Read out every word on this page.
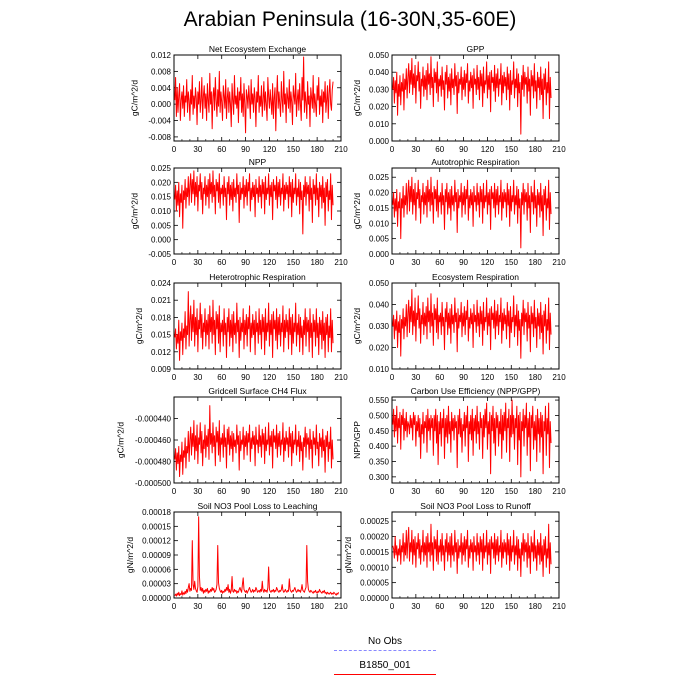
Arabian Peninsula (16-30N,35-60E)
Net Ecosystem Exchange
0 30 60 90 120 150 180 210
-0.008
-0.004
0.000
0.004
0.008
0.012
gC/m^2/d
GPP
0 30 60 90 120 150 180 210
0.000
0.010
0.020
0.030
0.040
0.050
gC/m^2/d
NPP
0 30 60 90 120 150 180 210
-0.005
0.000
0.005
0.010
0.015
0.020
0.025
gC/m^2/d
Autotrophic Respiration
0 30 60 90 120 150 180 210
0.000
0.005
0.010
0.015
0.020
0.025
gC/m^2/d
Heterotrophic Respiration
0 30 60 90 120 150 180 210
0.009
0.012
0.015
0.018
0.021
0.024
gC/m^2/d
Ecosystem Respiration
0 30 60 90 120 150 180 210
0.010
0.020
0.030
0.040
0.050
gC/m^2/d
Gridcell Surface CH4 Flux
0 30 60 90 120 150 180 210
-0.000500
-0.000480
-0.000460
-0.000440
gC/m^2/d
Carbon Use Efficiency (NPP/GPP)
0 30 60 90 120 150 180 210
0.300
0.350
0.400
0.450
0.500
0.550
NPP/GPP
Soil NO3 Pool Loss to Leaching
0 30 60 90 120 150 180 210
0.00000
0.00003
0.00006
0.00009
0.00012
0.00015
0.00018
gN/m^2/d
Soil NO3 Pool Loss to Runoff
0 30 60 90 120 150 180 210
0.00000
0.00005
0.00010
0.00015
0.00020
0.00025
gN/m^2/d
No Obs
B1850_001
